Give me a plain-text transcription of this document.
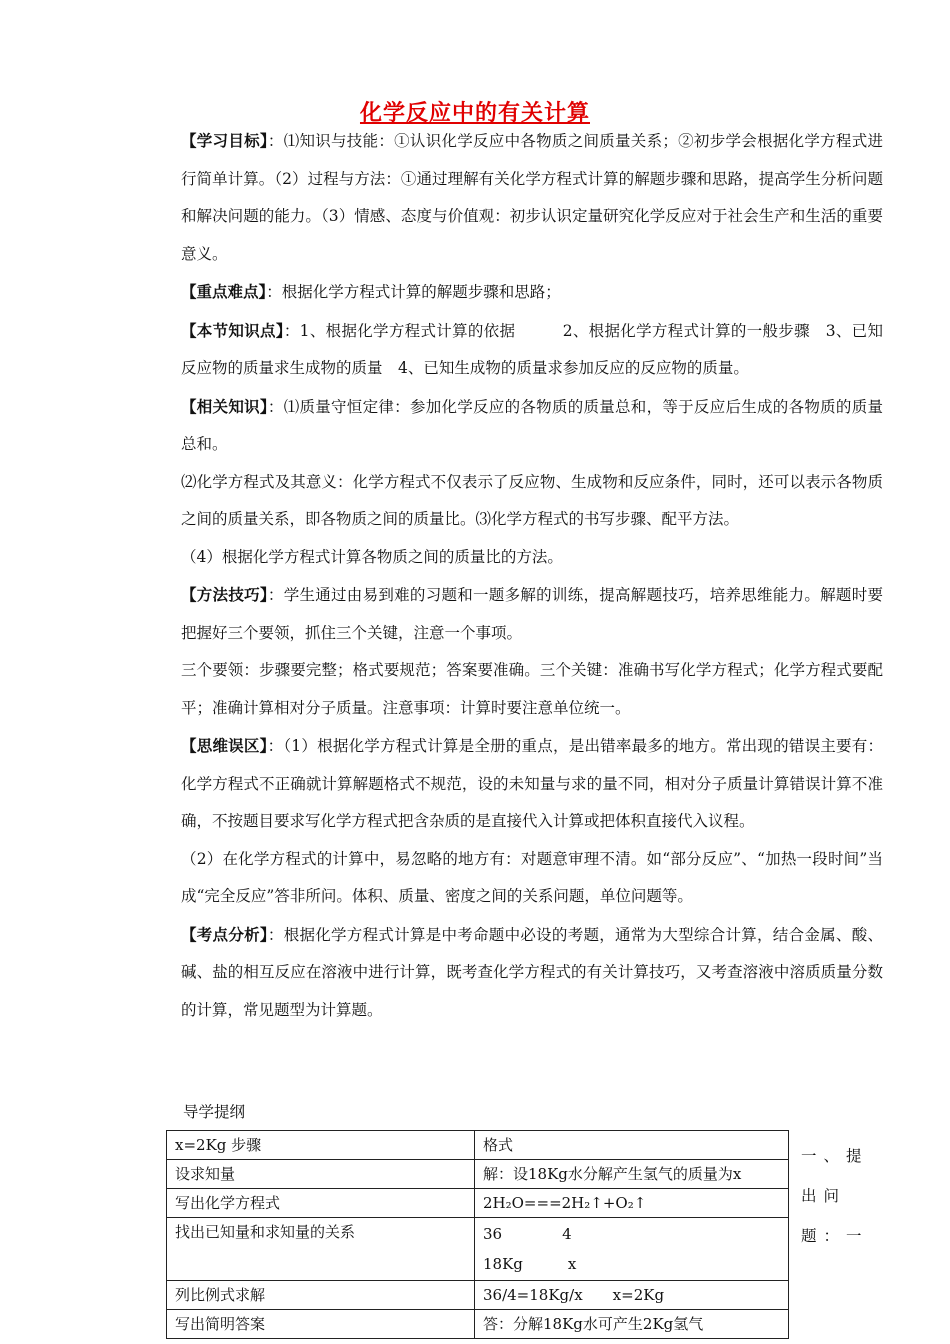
化学反应中的有关计算

【学习目标】：⑴知识与技能：①认识化学反应中各物质之间质量关系；②初步学会根据化学方程式进行简单计算。（2）过程与方法：①通过理解有关化学方程式计算的解题步骤和思路，提高学生分析问题和解决问题的能力。（3）情感、态度与价值观：初步认识定量研究化学反应对于社会生产和生活的重要意义。

【重点难点】：根据化学方程式计算的解题步骤和思路；

【本节知识点】：1、根据化学方程式计算的依据　　　2、根据化学方程式计算的一般步骤　3、已知反应物的质量求生成物的质量　4、已知生成物的质量求参加反应的反应物的质量。

【相关知识】：⑴质量守恒定律：参加化学反应的各物质的质量总和，等于反应后生成的各物质的质量总和。

⑵化学方程式及其意义：化学方程式不仅表示了反应物、生成物和反应条件，同时，还可以表示各物质之间的质量关系，即各物质之间的质量比。⑶化学方程式的书写步骤、配平方法。

（4）根据化学方程式计算各物质之间的质量比的方法。

【方法技巧】：学生通过由易到难的习题和一题多解的训练，提高解题技巧，培养思维能力。解题时要把握好三个要领，抓住三个关键，注意一个事项。

三个要领：步骤要完整；格式要规范；答案要准确。三个关键：准确书写化学方程式；化学方程式要配平；准确计算相对分子质量。注意事项：计算时要注意单位统一。

【思维误区】：（1）根据化学方程式计算是全册的重点，是出错率最多的地方。常出现的错误主要有：化学方程式不正确就计算解题格式不规范，设的未知量与求的量不同，相对分子质量计算错误计算不准确，不按题目要求写化学方程式把含杂质的是直接代入计算或把体积直接代入议程。

（2）在化学方程式的计算中，易忽略的地方有：对题意审理不清。如“部分反应”、“加热一段时间”当成“完全反应”答非所问。体积、质量、密度之间的关系问题，单位问题等。

【考点分析】：根据化学方程式计算是中考命题中必设的考题，通常为大型综合计算，结合金属、酸、碱、盐的相互反应在溶液中进行计算，既考查化学方程式的有关计算技巧，又考查溶液中溶质质量分数的计算，常见题型为计算题。

导学提纲
x=2Kg 步骤	格式
设求知量	解：设18Kg水分解产生氢气的质量为x
写出化学方程式	2H₂O===2H₂↑+O₂↑
找出已知量和求知量的关系	36　　　　4
18Kg　　　x
列比例式求解	36/4=18Kg/x　　x=2Kg
写出简明答案	答：分解18Kg水可产生2Kg氢气
一、提出问题：一
